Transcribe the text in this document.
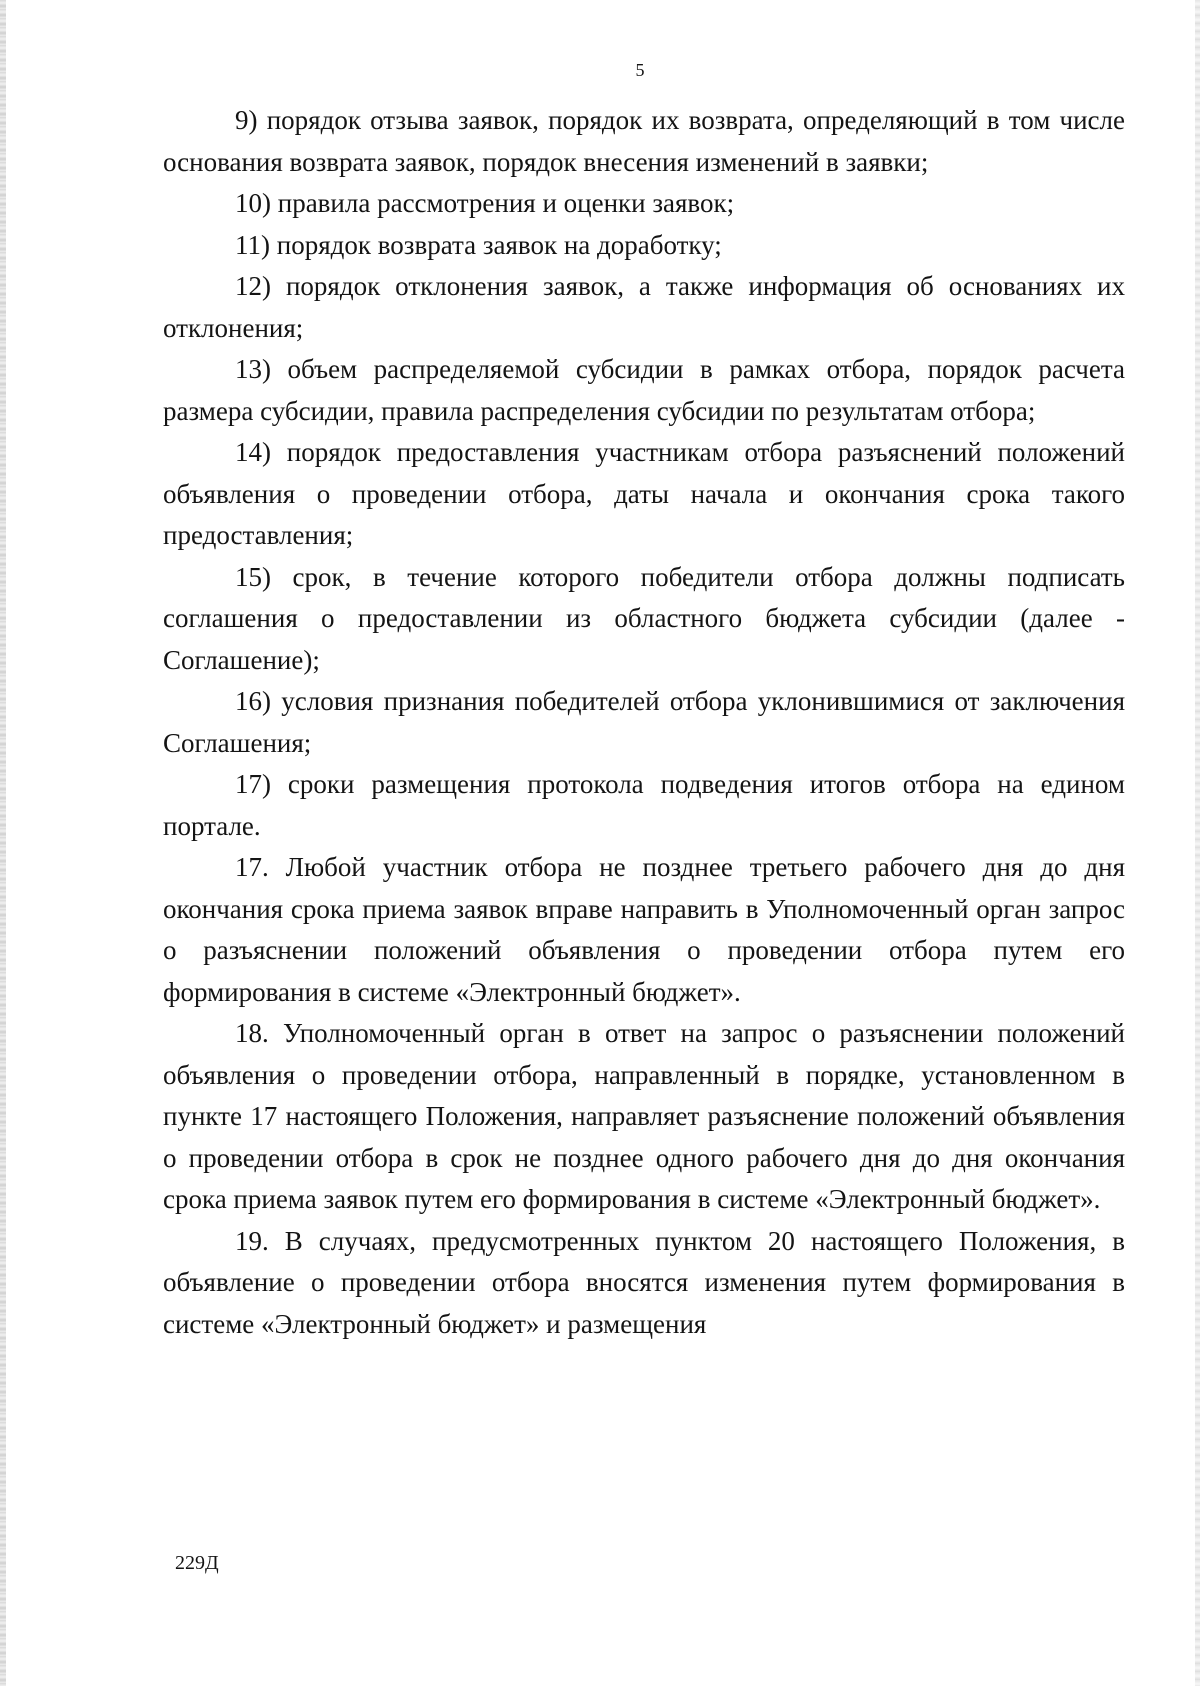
5

9) порядок отзыва заявок, порядок их возврата, определяющий в том числе основания возврата заявок, порядок внесения изменений в заявки;

10) правила рассмотрения и оценки заявок;

11) порядок возврата заявок на доработку;

12) порядок отклонения заявок, а также информация об основаниях их отклонения;

13) объем распределяемой субсидии в рамках отбора, порядок расчета размера субсидии, правила распределения субсидии по результатам отбора;

14) порядок предоставления участникам отбора разъяснений положений объявления о проведении отбора, даты начала и окончания срока такого предоставления;

15) срок, в течение которого победители отбора должны подписать соглашения о предоставлении из областного бюджета субсидии (далее - Соглашение);

16) условия признания победителей отбора уклонившимися от заключения Соглашения;

17) сроки размещения протокола подведения итогов отбора на едином портале.

17. Любой участник отбора не позднее третьего рабочего дня до дня окончания срока приема заявок вправе направить в Уполномоченный орган запрос о разъяснении положений объявления о проведении отбора путем его формирования в системе «Электронный бюджет».

18. Уполномоченный орган в ответ на запрос о разъяснении положений объявления о проведении отбора, направленный в порядке, установленном в пункте 17 настоящего Положения, направляет разъяснение положений объявления о проведении отбора в срок не позднее одного рабочего дня до дня окончания срока приема заявок путем его формирования в системе «Электронный бюджет».

19. В случаях, предусмотренных пунктом 20 настоящего Положения, в объявление о проведении отбора вносятся изменения путем формирования в системе «Электронный бюджет» и размещения

229Д
